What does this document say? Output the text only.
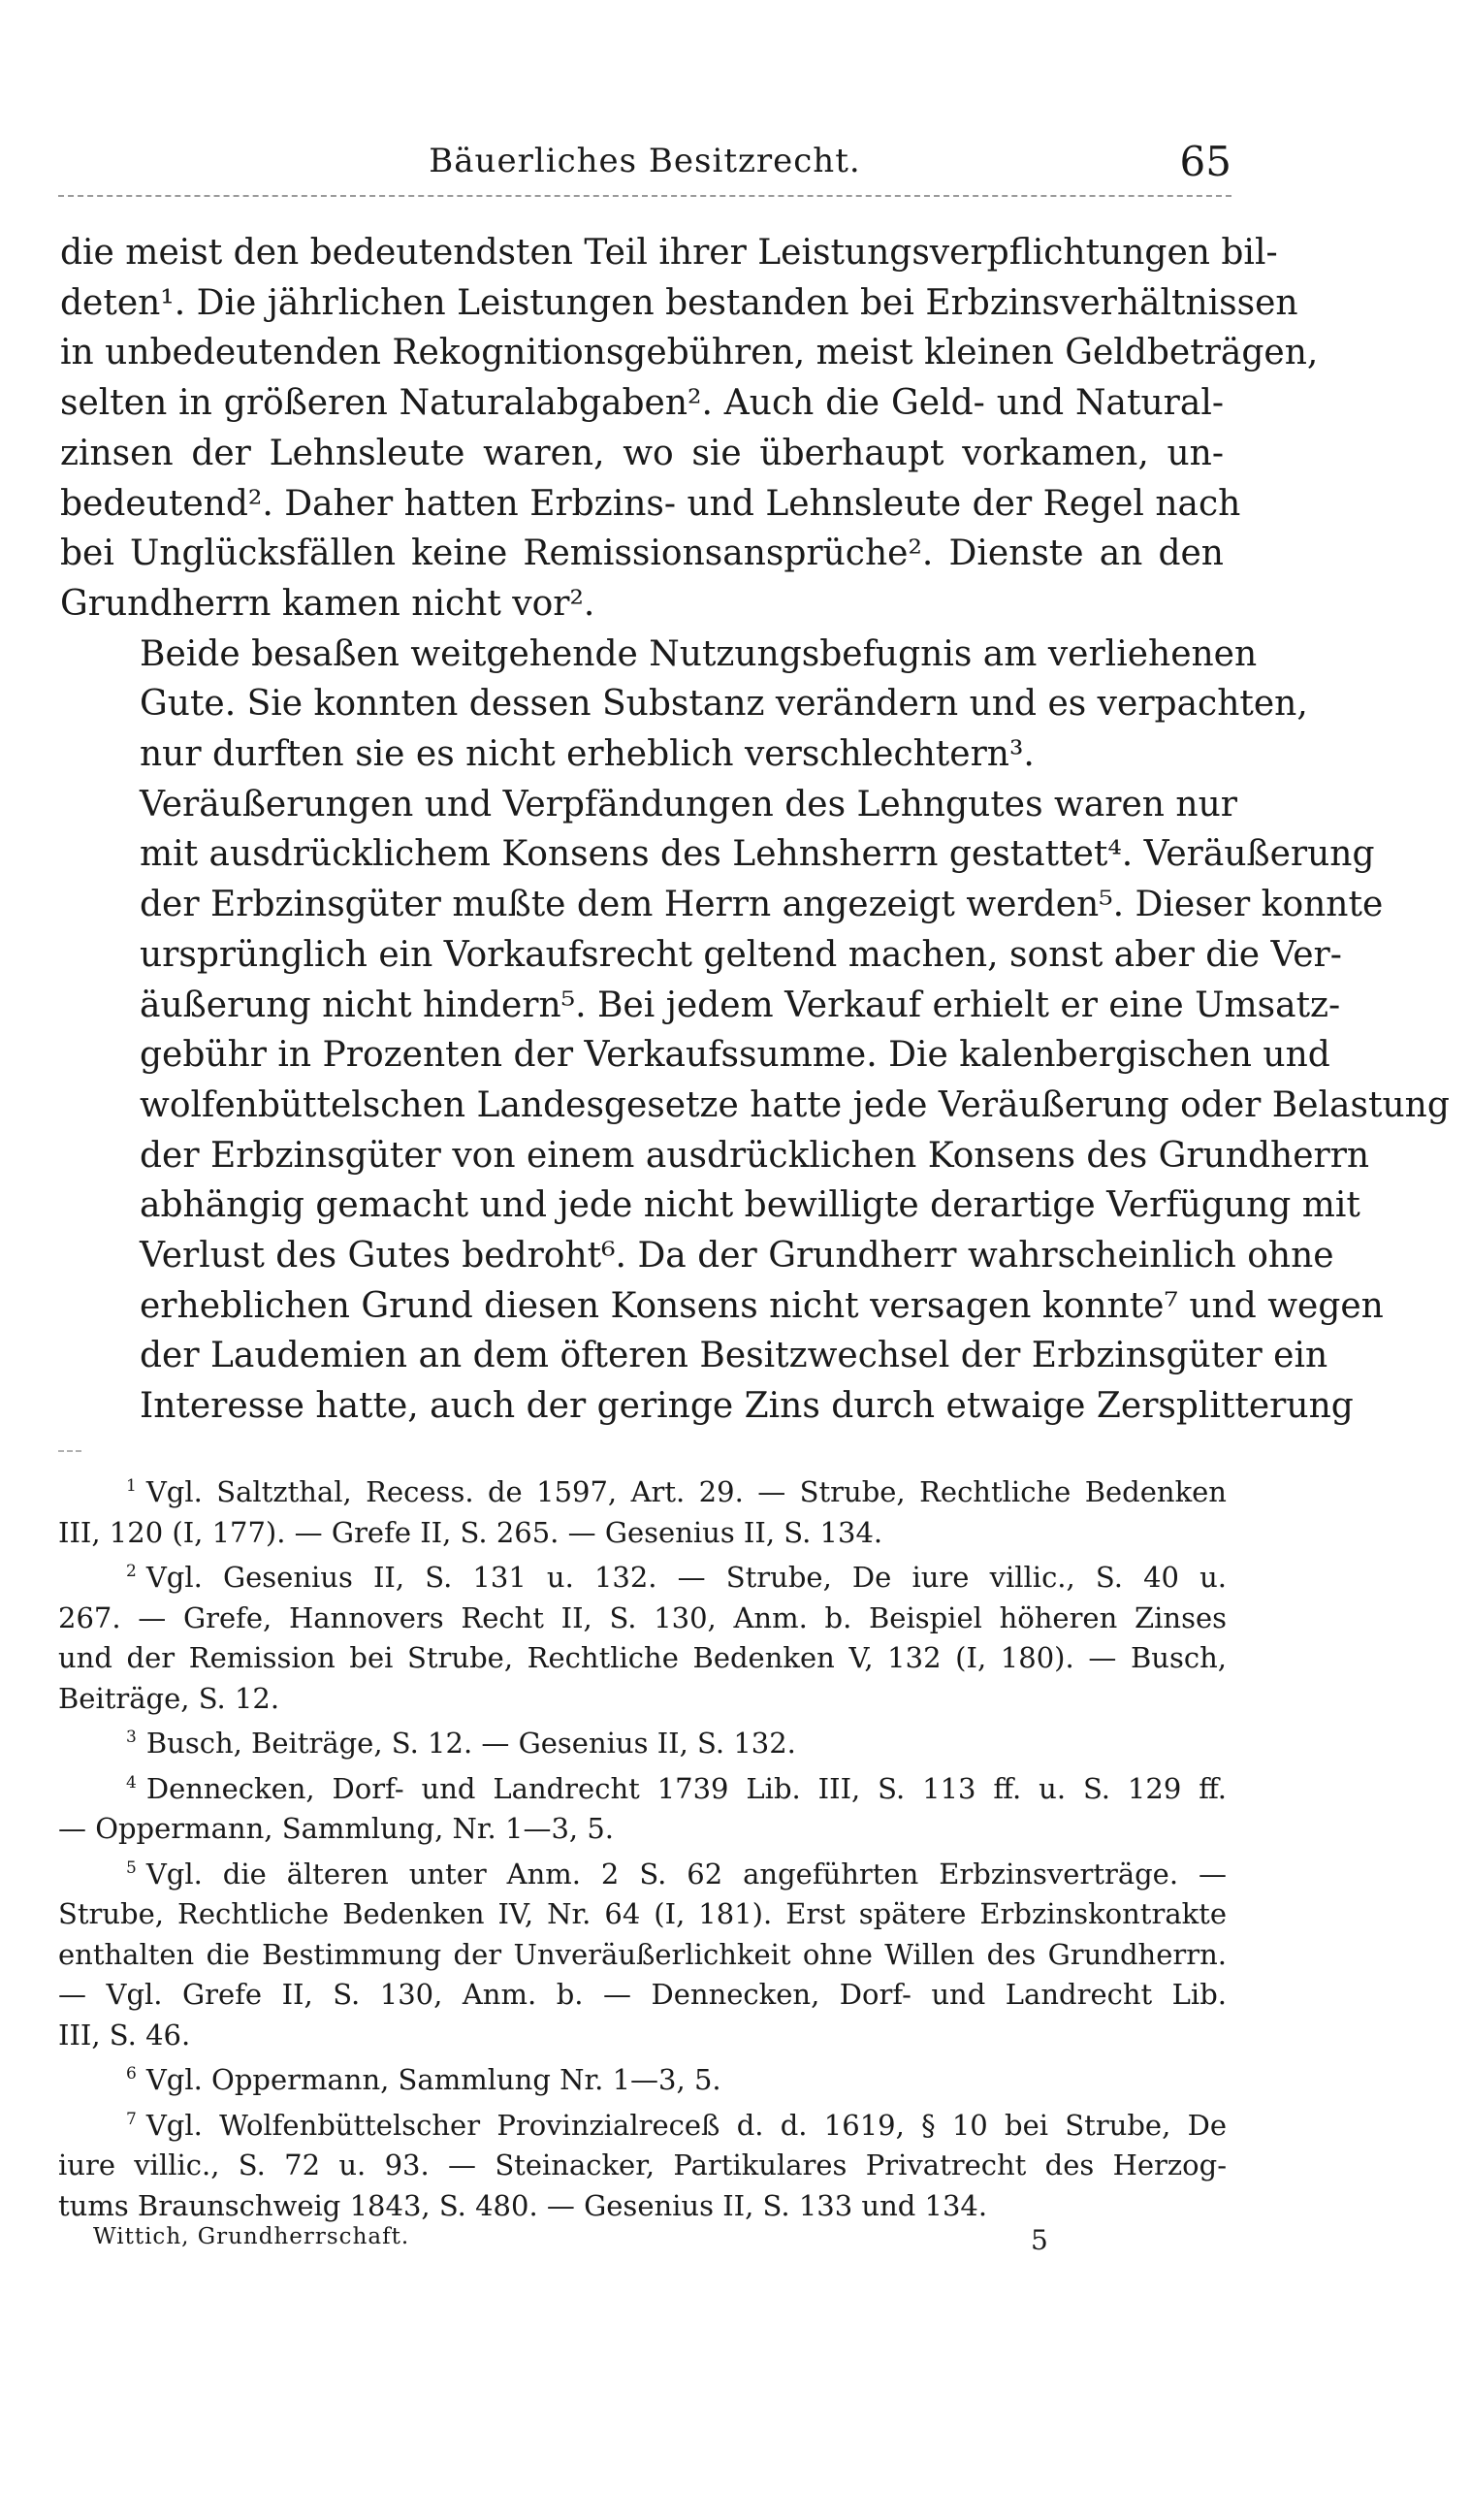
Bäuerliches Besitzrecht.	65

die meist den bedeutendsten Teil ihrer Leistungsverpflichtungen bil-
deten¹. Die jährlichen Leistungen bestanden bei Erbzinsverhältnissen
in unbedeutenden Rekognitionsgebühren, meist kleinen Geldbeträgen,
selten in größeren Naturalabgaben². Auch die Geld- und Natural-
zinsen der Lehnsleute waren, wo sie überhaupt vorkamen, un-
bedeutend². Daher hatten Erbzins- und Lehnsleute der Regel nach
bei Unglücksfällen keine Remissionsansprüche². Dienste an den
Grundherrn kamen nicht vor².

Beide besaßen weitgehende Nutzungsbefugnis am verliehenen
Gute. Sie konnten dessen Substanz verändern und es verpachten,
nur durften sie es nicht erheblich verschlechtern³.

Veräußerungen und Verpfändungen des Lehngutes waren nur
mit ausdrücklichem Konsens des Lehnsherrn gestattet⁴. Veräußerung
der Erbzinsgüter mußte dem Herrn angezeigt werden⁵. Dieser konnte
ursprünglich ein Vorkaufsrecht geltend machen, sonst aber die Ver-
äußerung nicht hindern⁵. Bei jedem Verkauf erhielt er eine Umsatz-
gebühr in Prozenten der Verkaufssumme. Die kalenbergischen und
wolfenbüttelschen Landesgesetze hatte jede Veräußerung oder Belastung
der Erbzinsgüter von einem ausdrücklichen Konsens des Grundherrn
abhängig gemacht und jede nicht bewilligte derartige Verfügung mit
Verlust des Gutes bedroht⁶. Da der Grundherr wahrscheinlich ohne
erheblichen Grund diesen Konsens nicht versagen konnte⁷ und wegen
der Laudemien an dem öfteren Besitzwechsel der Erbzinsgüter ein
Interesse hatte, auch der geringe Zins durch etwaige Zersplitterung

$^1$ Vgl. Saltzthal, Recess. de 1597, Art. 29. — Strube, Rechtliche Bedenken
III, 120 (I, 177). — Grefe II, S. 265. — Gesenius II, S. 134.
$^2$ Vgl. Gesenius II, S. 131 u. 132. — Strube, De iure villic., S. 40 u.
267. — Grefe, Hannovers Recht II, S. 130, Anm. b. Beispiel höheren Zinses
und der Remission bei Strube, Rechtliche Bedenken V, 132 (I, 180). — Busch,
Beiträge, S. 12.
$^3$ Busch, Beiträge, S. 12. — Gesenius II, S. 132.
$^4$ Dennecken, Dorf- und Landrecht 1739 Lib. III, S. 113 ff. u. S. 129 ff.
— Oppermann, Sammlung, Nr. 1—3, 5.
$^5$ Vgl. die älteren unter Anm. 2 S. 62 angeführten Erbzinsverträge. —
Strube, Rechtliche Bedenken IV, Nr. 64 (I, 181). Erst spätere Erbzinskontrakte
enthalten die Bestimmung der Unveräußerlichkeit ohne Willen des Grundherrn.
— Vgl. Grefe II, S. 130, Anm. b. — Dennecken, Dorf- und Landrecht Lib.
III, S. 46.
$^6$ Vgl. Oppermann, Sammlung Nr. 1—3, 5.
$^7$ Vgl. Wolfenbüttelscher Provinzialreceß d. d. 1619, § 10 bei Strube, De
iure villic., S. 72 u. 93. — Steinacker, Partikulares Privatrecht des Herzog-
tums Braunschweig 1843, S. 480. — Gesenius II, S. 133 und 134.
Wittich, Grundherrschaft.	5
